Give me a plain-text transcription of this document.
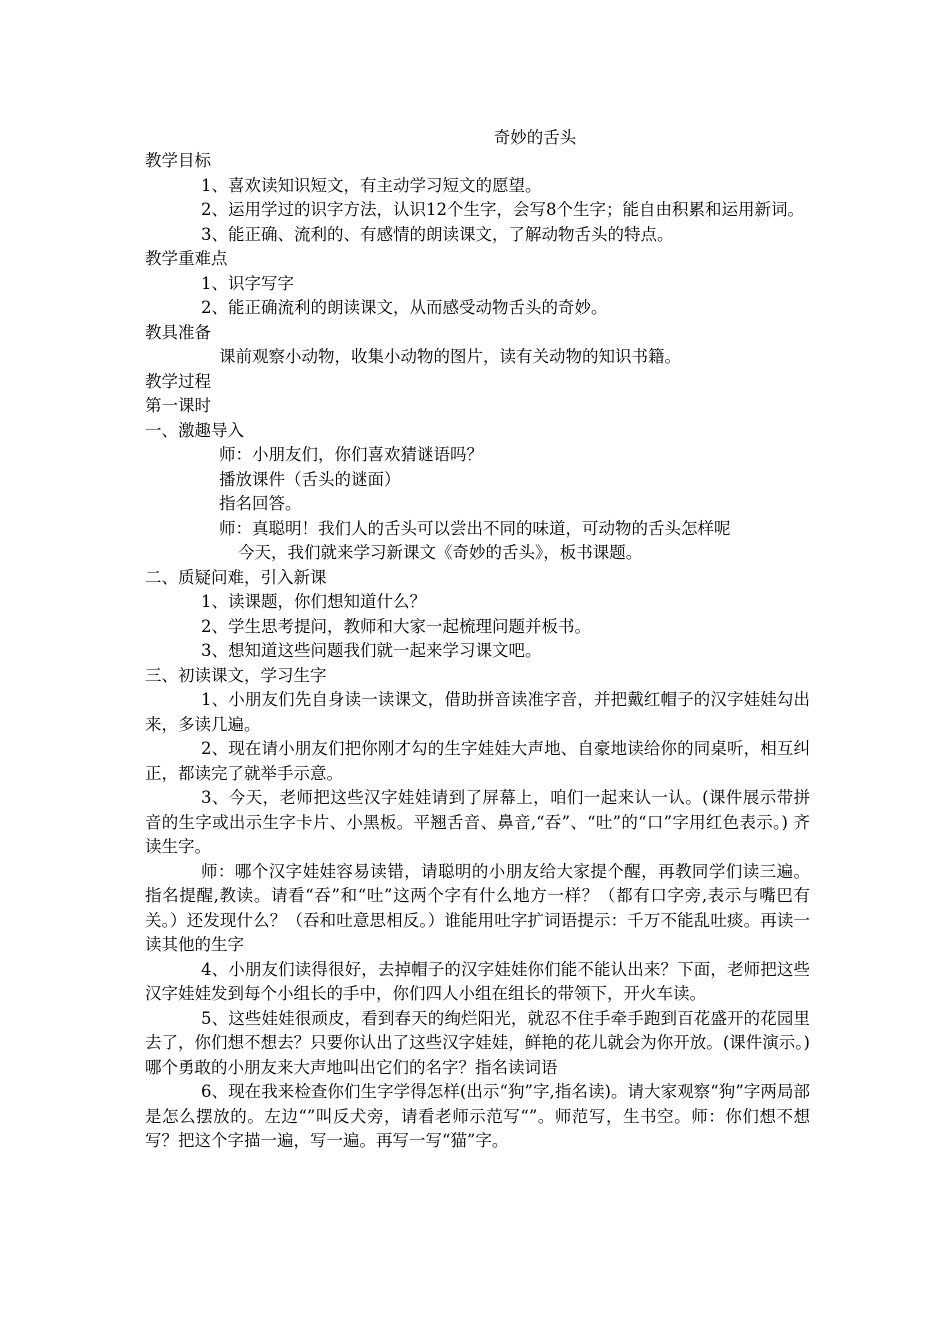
奇妙的舌头
教学目标
1、喜欢读知识短文，有主动学习短文的愿望。
2、运用学过的识字方法，认识12个生字，会写8个生字；能自由积累和运用新词。
3、能正确、流利的、有感情的朗读课文，了解动物舌头的特点。
教学重难点
1、识字写字
2、能正确流利的朗读课文，从而感受动物舌头的奇妙。
教具准备
课前观察小动物，收集小动物的图片，读有关动物的知识书籍。
教学过程
第一课时
一、激趣导入
师：小朋友们，你们喜欢猜谜语吗？
播放课件（舌头的谜面）
指名回答。
师：真聪明！我们人的舌头可以尝出不同的味道，可动物的舌头怎样呢
今天，我们就来学习新课文《奇妙的舌头》，板书课题。
二、质疑问难，引入新课
1、读课题，你们想知道什么？
2、学生思考提问，教师和大家一起梳理问题并板书。
3、想知道这些问题我们就一起来学习课文吧。
三、初读课文，学习生字
1、小朋友们先自身读一读课文，借助拼音读准字音，并把戴红帽子的汉字娃娃勾出来，多读几遍。
2、现在请小朋友们把你刚才勾的生字娃娃大声地、自豪地读给你的同桌听，相互纠正，都读完了就举手示意。
3、今天，老师把这些汉字娃娃请到了屏幕上，咱们一起来认一认。(课件展示带拼音的生字或出示生字卡片、小黑板。平翘舌音、鼻音,“吞”、“吐”的“口”字用红色表示。) 齐读生字。
师：哪个汉字娃娃容易读错，请聪明的小朋友给大家提个醒，再教同学们读三遍。指名提醒,教读。请看“吞”和“吐”这两个字有什么地方一样？（都有口字旁,表示与嘴巴有关。）还发现什么？（吞和吐意思相反。）谁能用吐字扩词语提示：千万不能乱吐痰。再读一读其他的生字
4、小朋友们读得很好，去掉帽子的汉字娃娃你们能不能认出来？下面，老师把这些汉字娃娃发到每个小组长的手中，你们四人小组在组长的带领下，开火车读。
5、这些娃娃很顽皮，看到春天的绚烂阳光，就忍不住手牵手跑到百花盛开的花园里去了，你们想不想去？只要你认出了这些汉字娃娃，鲜艳的花儿就会为你开放。(课件演示。)哪个勇敢的小朋友来大声地叫出它们的名字？指名读词语
6、现在我来检查你们生字学得怎样(出示“狗”字,指名读)。请大家观察“狗”字两局部是怎么摆放的。左边“”叫反犬旁，请看老师示范写“”。师范写，生书空。师：你们想不想写？把这个字描一遍，写一遍。再写一写“猫”字。
